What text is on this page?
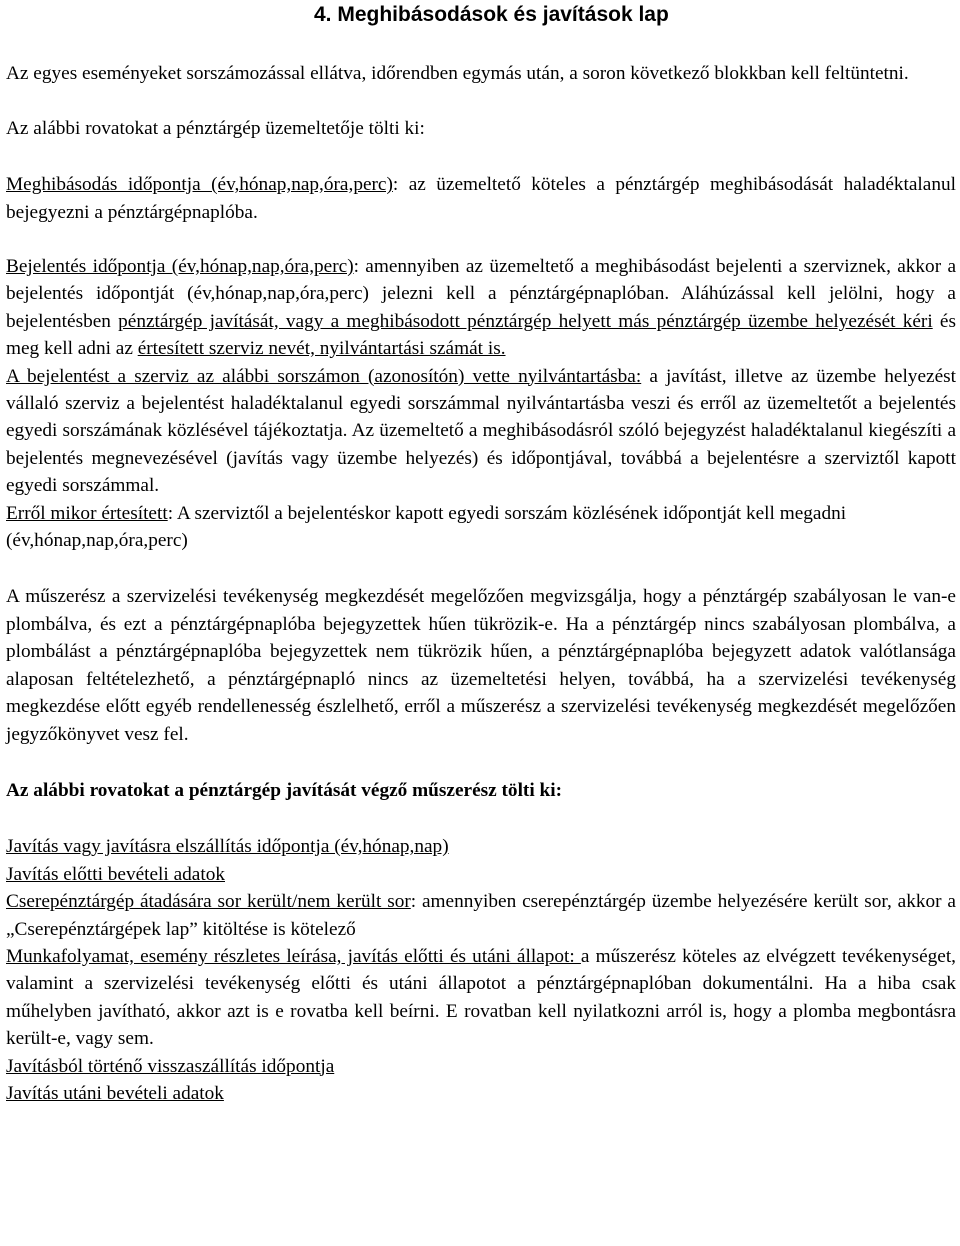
4. Meghibásodások és javítások lap

Az egyes eseményeket sorszámozással ellátva, időrendben egymás után, a soron következő blokkban kell feltüntetni.

Az alábbi rovatokat a pénztárgép üzemeltetője tölti ki:

Meghibásodás időpontja (év,hónap,nap,óra,perc): az üzemeltető köteles a pénztárgép meghibásodását haladéktalanul bejegyezni a pénztárgépnaplóba.

Bejelentés időpontja (év,hónap,nap,óra,perc): amennyiben az üzemeltető a meghibásodást bejelenti a szerviznek, akkor a bejelentés időpontját (év,hónap,nap,óra,perc) jelezni kell a pénztárgépnaplóban. Aláhúzással kell jelölni, hogy a bejelentésben pénztárgép javítását, vagy a meghibásodott pénztárgép helyett más pénztárgép üzembe helyezését kéri és meg kell adni az értesített szerviz nevét, nyilvántartási számát is.

A bejelentést a szerviz az alábbi sorszámon (azonosítón) vette nyilvántartásba: a javítást, illetve az üzembe helyezést vállaló szerviz a bejelentést haladéktalanul egyedi sorszámmal nyilvántartásba veszi és erről az üzemeltetőt a bejelentés egyedi sorszámának közlésével tájékoztatja. Az üzemeltető a meghibásodásról szóló bejegyzést haladéktalanul kiegészíti a bejelentés megnevezésével (javítás vagy üzembe helyezés) és időpontjával, továbbá a bejelentésre a szerviztől kapott egyedi sorszámmal.

Erről mikor értesített: A szerviztől a bejelentéskor kapott egyedi sorszám közlésének időpontját kell megadni (év,hónap,nap,óra,perc)

A műszerész a szervizelési tevékenység megkezdését megelőzően megvizsgálja, hogy a pénztárgép szabályosan le van-e plombálva, és ezt a pénztárgépnaplóba bejegyzettek hűen tükrözik-e. Ha a pénztárgép nincs szabályosan plombálva, a plombálást a pénztárgépnaplóba bejegyzettek nem tükrözik hűen, a pénztárgépnaplóba bejegyzett adatok valótlansága alaposan feltételezhető, a pénztárgépnapló nincs az üzemeltetési helyen, továbbá, ha a szervizelési tevékenység megkezdése előtt egyéb rendellenesség észlelhető, erről a műszerész a szervizelési tevékenység megkezdését megelőzően jegyzőkönyvet vesz fel.

Az alábbi rovatokat a pénztárgép javítását végző műszerész tölti ki:

Javítás vagy javításra elszállítás időpontja (év,hónap,nap)

Javítás előtti bevételi adatok

Cserepénztárgép átadására sor került/nem került sor: amennyiben cserepénztárgép üzembe helyezésére került sor, akkor a „Cserepénztárgépek lap” kitöltése is kötelező

Munkafolyamat, esemény részletes leírása, javítás előtti és utáni állapot: a műszerész köteles az elvégzett tevékenységet, valamint a szervizelési tevékenység előtti és utáni állapotot a pénztárgépnaplóban dokumentálni. Ha a hiba csak műhelyben javítható, akkor azt is e rovatba kell beírni. E rovatban kell nyilatkozni arról is, hogy a plomba megbontásra került-e, vagy sem.

Javításból történő visszaszállítás időpontja

Javítás utáni bevételi adatok
